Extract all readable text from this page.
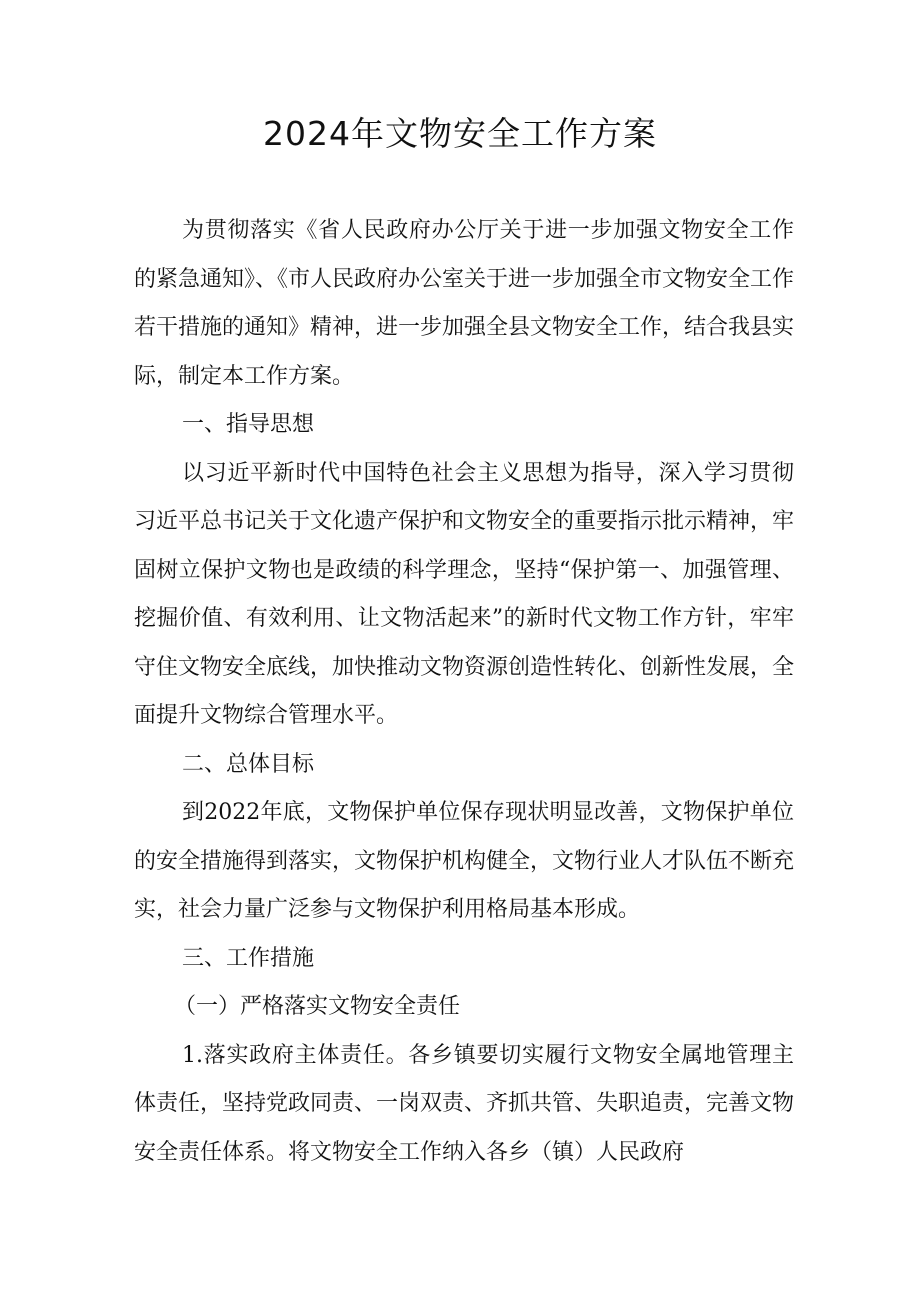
2024年文物安全工作方案

为贯彻落实《省人民政府办公厅关于进一步加强文物安全工作的紧急通知》、《市人民政府办公室关于进一步加强全市文物安全工作若干措施的通知》精神，进一步加强全县文物安全工作，结合我县实际，制定本工作方案。

一、指导思想

以习近平新时代中国特色社会主义思想为指导，深入学习贯彻习近平总书记关于文化遗产保护和文物安全的重要指示批示精神，牢固树立保护文物也是政绩的科学理念，坚持“保护第一、加强管理、挖掘价值、有效利用、让文物活起来”的新时代文物工作方针，牢牢守住文物安全底线，加快推动文物资源创造性转化、创新性发展，全面提升文物综合管理水平。

二、总体目标

到2022年底，文物保护单位保存现状明显改善，文物保护单位的安全措施得到落实，文物保护机构健全，文物行业人才队伍不断充实，社会力量广泛参与文物保护利用格局基本形成。

三、工作措施

（一）严格落实文物安全责任

1.落实政府主体责任。各乡镇要切实履行文物安全属地管理主体责任，坚持党政同责、一岗双责、齐抓共管、失职追责，完善文物安全责任体系。将文物安全工作纳入各乡（镇）人民政府
